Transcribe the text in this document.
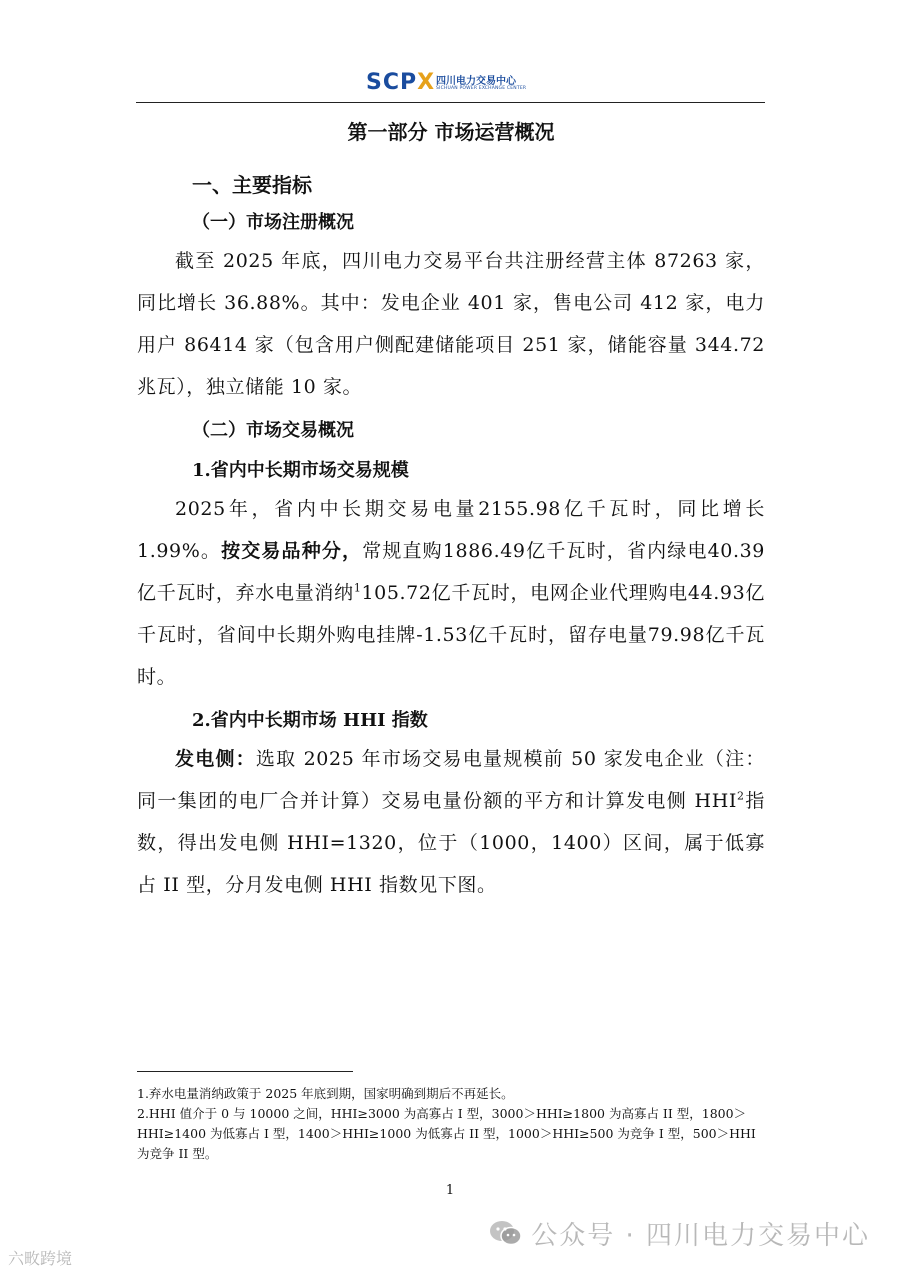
SCPX 四川电力交易中心
SICHUAN POWER EXCHANGE CENTER
第一部分 市场运营概况
一、主要指标
（一）市场注册概况

截至 2025 年底，四川电力交易平台共注册经营主体 87263 家，同比增长 36.88%。其中：发电企业 401 家，售电公司 412 家，电力用户 86414 家（包含用户侧配建储能项目 251 家，储能容量 344.72 兆瓦），独立储能 10 家。

（二）市场交易概况
1.省内中长期市场交易规模

2025年，省内中长期交易电量2155.98亿千瓦时，同比增长1.99%。按交易品种分，常规直购1886.49亿千瓦时，省内绿电40.39亿千瓦时，弃水电量消纳$^1$105.72亿千瓦时，电网企业代理购电44.93亿千瓦时，省间中长期外购电挂牌-1.53亿千瓦时，留存电量79.98亿千瓦时。

2.省内中长期市场 HHI 指数

发电侧：选取 2025 年市场交易电量规模前 50 家发电企业（注：同一集团的电厂合并计算）交易电量份额的平方和计算发电侧 HHI$^2$指数，得出发电侧 HHI=1320，位于（1000，1400）区间，属于低寡占 II 型，分月发电侧 HHI 指数见下图。

1.弃水电量消纳政策于 2025 年底到期，国家明确到期后不再延长。
2.HHI 值介于 0 与 10000 之间，HHI≥3000 为高寡占 I 型，3000＞HHI≥1800 为高寡占 II 型，1800＞HHI≥1400 为低寡占 I 型，1400＞HHI≥1000 为低寡占 II 型，1000＞HHI≥500 为竞争 I 型，500＞HHI 为竞争 II 型。
1
公众号 · 四川电力交易中心
六畋跨境
